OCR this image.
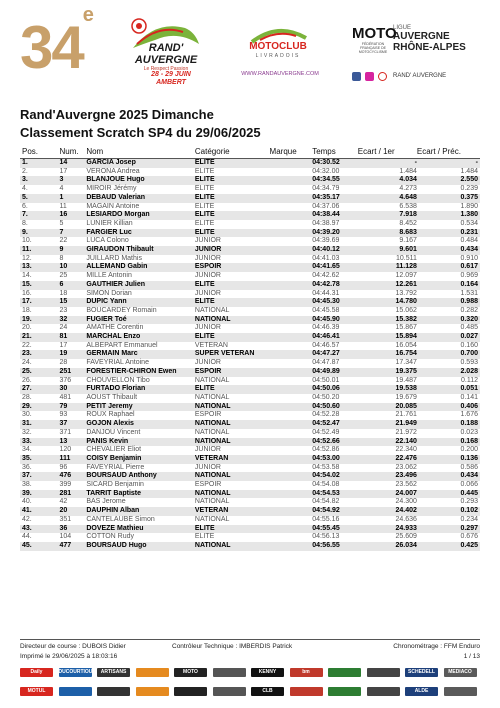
34e
RAND'
AUVERGNE
Le Respect Passion
28 - 29 JUIN
AMBERT
MOTOCLUB
LIVRADOIS
WWW.RANDAUVERGNE.COM
MOTO
FÉDÉRATION FRANÇAISE DE MOTOCYCLISME
LIGUE
AUVERGNE
RHÔNE-ALPES
RAND' AUVERGNE
Rand'Auvergne 2025 Dimanche
Classement Scratch SP4 du 29/06/2025
Pos.	Num.	Nom	Catégorie	Marque	Temps	Ecart / 1er	Ecart / Préc.
1.	14	GARCIA Josep	ELITE		04:30.52	-	-
2.	17	VERONA Andrea	ELITE		04:32.00	1.484	1.484
3.	3	BLANJOUE Hugo	ELITE		04:34.55	4.034	2.550
4.	4	MIROIR Jérémy	ELITE		04:34.79	4.273	0.239
5.	1	DEBAUD Valerian	ELITE		04:35.17	4.648	0.375
6.	11	MAGAIN Antoine	ELITE		04:37.06	6.538	1.890
7.	16	LESIARDO Morgan	ELITE		04:38.44	7.918	1.380
8.	5	LUNIER Killian	ELITE		04:38.97	8.452	0.534
9.	7	FARGIER Luc	ELITE		04:39.20	8.683	0.231
10.	22	LUCA Colono	JUNIOR		04:39.69	9.167	0.484
11.	9	GIRAUDON Thibault	JUNIOR		04:40.12	9.601	0.434
12.	8	JUILLARD Mathis	JUNIOR		04:41.03	10.511	0.910
13.	10	ALLEMAND Gabin	ESPOIR		04:41.65	11.128	0.617
14.	25	MILLE Antonin	JUNIOR		04:42.62	12.097	0.969
15.	6	GAUTHIER Julien	ELITE		04:42.78	12.261	0.164
16.	18	SIMON Dorian	JUNIOR		04:44.31	13.792	1.531
17.	15	DUPIC Yann	ELITE		04:45.30	14.780	0.988
18.	23	BOUCARDEY Romain	NATIONAL		04:45.58	15.062	0.282
19.	32	FUGIER Toé	NATIONAL		04:45.90	15.382	0.320
20.	24	AMATHE Corentin	JUNIOR		04:46.39	15.867	0.485
21.	81	MARCHAL Enzo	ELITE		04:46.41	15.894	0.027
22.	17	ALBEPART Emmanuel	VETERAN		04:46.57	16.054	0.160
23.	19	GERMAIN Marc	SUPER VETERAN		04:47.27	16.754	0.700
24.	28	FAVEYRIAL Antoine	JUNIOR		04:47.87	17.347	0.593
25.	251	FORESTIER-CHIRON Ewen	ESPOIR		04:49.89	19.375	2.028
26.	376	CHOUVELLON Tibo	NATIONAL		04:50.01	19.487	0.112
27.	30	FURTADO Florian	ELITE		04:50.06	19.538	0.051
28.	481	AOUST Thibault	NATIONAL		04:50.20	19.679	0.141
29.	79	PETIT Jeremy	NATIONAL		04:50.60	20.085	0.406
30.	93	ROUX Raphael	ESPOIR		04:52.28	21.761	1.676
31.	37	GOJON Alexis	NATIONAL		04:52.47	21.949	0.188
32.	371	DANJOU Vincent	NATIONAL		04:52.49	21.972	0.023
33.	13	PANIS Kevin	NATIONAL		04:52.66	22.140	0.168
34.	120	CHEVALIER Eliot	JUNIOR		04:52.86	22.340	0.200
35.	111	COISY Benjamin	VETERAN		04:53.00	22.476	0.136
36.	96	FAVEYRIAL Pierre	JUNIOR		04:53.58	23.062	0.586
37.	476	BOURSAUD Anthony	NATIONAL		04:54.02	23.496	0.434
38.	399	SICARD Benjamin	ESPOIR		04:54.08	23.562	0.066
39.	281	TARRIT Baptiste	NATIONAL		04:54.53	24.007	0.445
40.	42	BAS Jerome	NATIONAL		04:54.82	24.300	0.293
41.	20	DAUPHIN Alban	VETERAN		04:54.92	24.402	0.102
42.	351	CANTELAUBE Simon	NATIONAL		04:55.16	24.636	0.234
43.	36	DOVEZE Mathieu	ELITE		04:55.45	24.933	0.297
44.	104	COTTON Rudy	ELITE		04:56.13	25.609	0.676
45.	477	BOURSAUD Hugo	NATIONAL		04:56.55	26.034	0.425
Directeur de course : DUBOIS Didier	Contrôleur Technique : IMBERDIS Patrick	Chronométrage : FFM Enduro
Imprimé le 29/06/2025 à 18:03:16	1 / 13
Daily	DUCOURTIOUX ARTISANS	MOTO	KENNY	bm	SCHEDELL	MEDIACO
MOTUL	CLB	ALDE AUVERGNE
